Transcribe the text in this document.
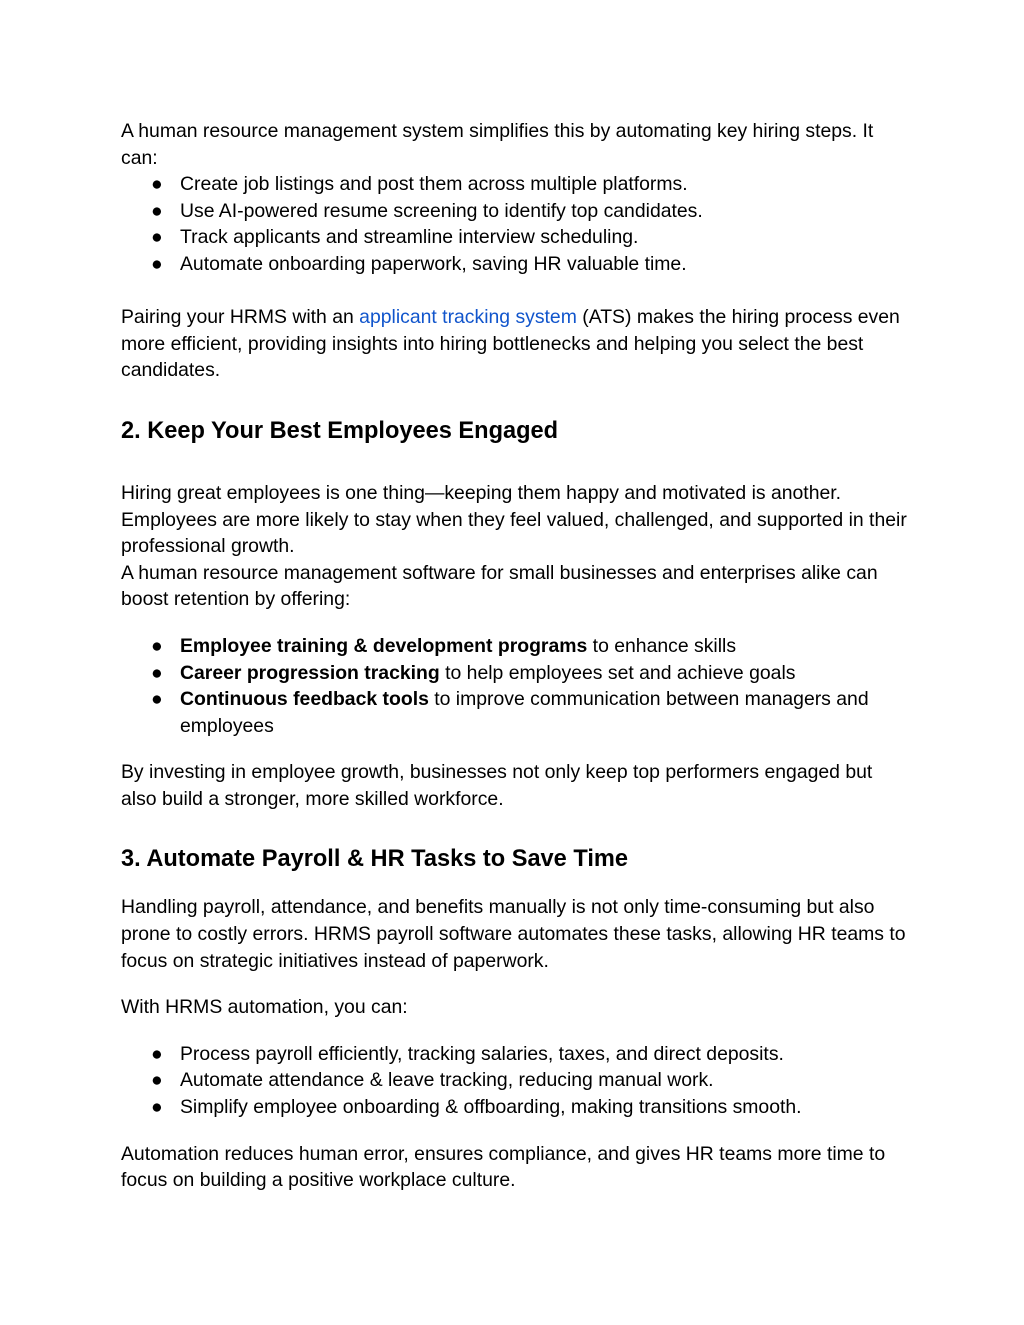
A human resource management system simplifies this by automating key hiring steps. It can:

● Create job listings and post them across multiple platforms.
● Use AI-powered resume screening to identify top candidates.
● Track applicants and streamline interview scheduling.
● Automate onboarding paperwork, saving HR valuable time.

Pairing your HRMS with an applicant tracking system (ATS) makes the hiring process even more efficient, providing insights into hiring bottlenecks and helping you select the best candidates.

2. Keep Your Best Employees Engaged

Hiring great employees is one thing—keeping them happy and motivated is another. Employees are more likely to stay when they feel valued, challenged, and supported in their professional growth.

A human resource management software for small businesses and enterprises alike can boost retention by offering:

● Employee training & development programs to enhance skills
● Career progression tracking to help employees set and achieve goals
● Continuous feedback tools to improve communication between managers and employees

By investing in employee growth, businesses not only keep top performers engaged but also build a stronger, more skilled workforce.

3. Automate Payroll & HR Tasks to Save Time

Handling payroll, attendance, and benefits manually is not only time-consuming but also prone to costly errors. HRMS payroll software automates these tasks, allowing HR teams to focus on strategic initiatives instead of paperwork.

With HRMS automation, you can:

● Process payroll efficiently, tracking salaries, taxes, and direct deposits.
● Automate attendance & leave tracking, reducing manual work.
● Simplify employee onboarding & offboarding, making transitions smooth.

Automation reduces human error, ensures compliance, and gives HR teams more time to focus on building a positive workplace culture.
